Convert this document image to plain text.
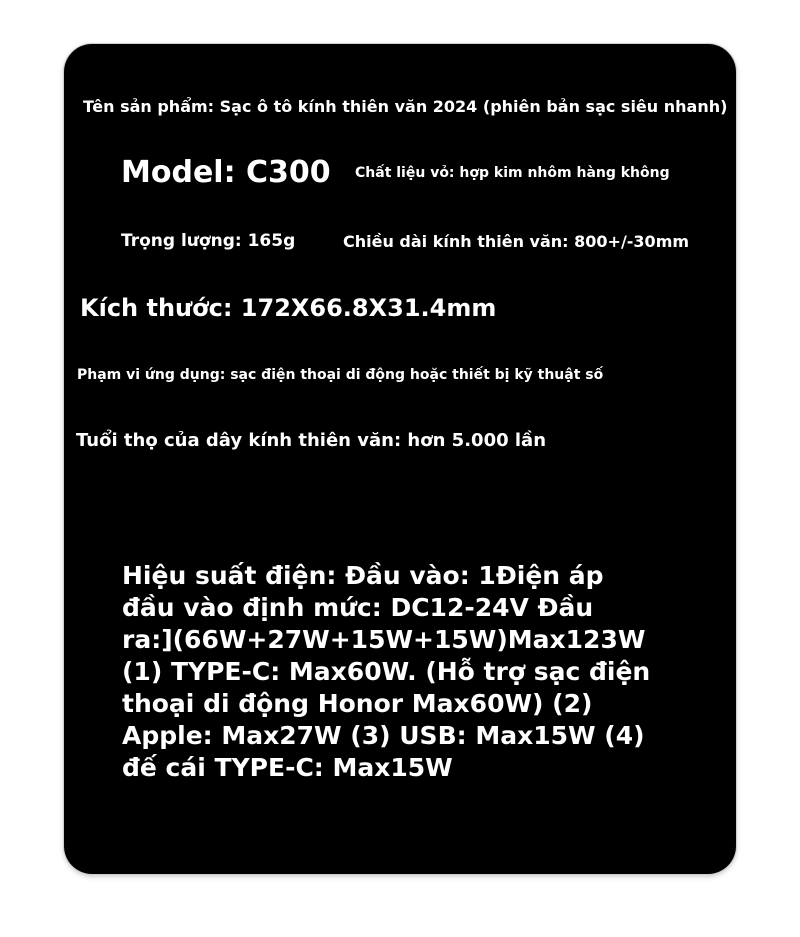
Tên sản phẩm: Sạc ô tô kính thiên văn 2024 (phiên bản sạc siêu nhanh)

Model: C300 Chất liệu vỏ: hợp kim nhôm hàng không

Trọng lượng: 165g	Chiều dài kính thiên văn: 800+/-30mm

Kích thước: 172X66.8X31.4mm

Phạm vi ứng dụng: sạc điện thoại di động hoặc thiết bị kỹ thuật số

Tuổi thọ của dây kính thiên văn: hơn 5.000 lần

Hiệu suất điện: Đầu vào: 1Điện áp
đầu vào định mức: DC12-24V Đầu
ra:](66W+27W+15W+15W)Max123W
(1) TYPE-C: Max60W. (Hỗ trợ sạc điện
thoại di động Honor Max60W) (2)
Apple: Max27W (3) USB: Max15W (4)
đế cái TYPE-C: Max15W
